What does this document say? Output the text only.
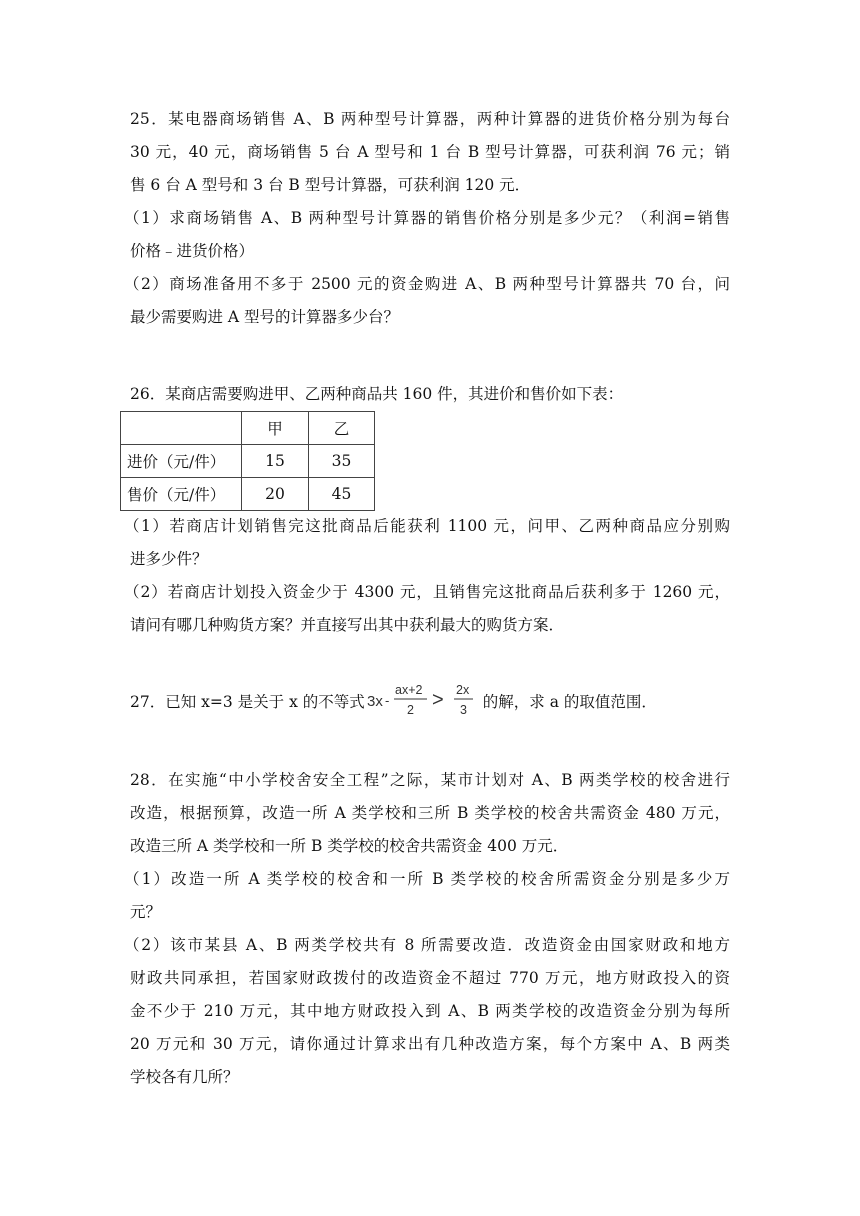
25．某电器商场销售 A、B 两种型号计算器，两种计算器的进货价格分别为每台
30 元，40 元，商场销售 5 台 A 型号和 1 台 B 型号计算器，可获利润 76 元；销
售 6 台 A 型号和 3 台 B 型号计算器，可获利润 120 元．
（1）求商场销售 A、B 两种型号计算器的销售价格分别是多少元？（利润=销售
价格﹣进货价格）
（2）商场准备用不多于 2500 元的资金购进 A、B 两种型号计算器共 70 台，问
最少需要购进 A 型号的计算器多少台？
26．某商店需要购进甲、乙两种商品共 160 件，其进价和售价如下表：
	甲	乙
进价（元/件）	15	35
售价（元/件）	20	45
（1）若商店计划销售完这批商品后能获利 1100 元，问甲、乙两种商品应分别购
进多少件？
（2）若商店计划投入资金少于 4300 元，且销售完这批商品后获利多于 1260 元，
请问有哪几种购货方案？并直接写出其中获利最大的购货方案．
27．已知 x=3 是关于 x 的不等式 3x -
ax+2
2 > 2x
3 的解，求 a 的取值范围．
28．在实施“中小学校舍安全工程”之际，某市计划对 A、B 两类学校的校舍进行
改造，根据预算，改造一所 A 类学校和三所 B 类学校的校舍共需资金 480 万元，
改造三所 A 类学校和一所 B 类学校的校舍共需资金 400 万元．
（1）改造一所 A 类学校的校舍和一所 B 类学校的校舍所需资金分别是多少万
元？
（2）该市某县 A、B 两类学校共有 8 所需要改造．改造资金由国家财政和地方
财政共同承担，若国家财政拨付的改造资金不超过 770 万元，地方财政投入的资
金不少于 210 万元，其中地方财政投入到 A、B 两类学校的改造资金分别为每所
20 万元和 30 万元，请你通过计算求出有几种改造方案，每个方案中 A、B 两类
学校各有几所？
